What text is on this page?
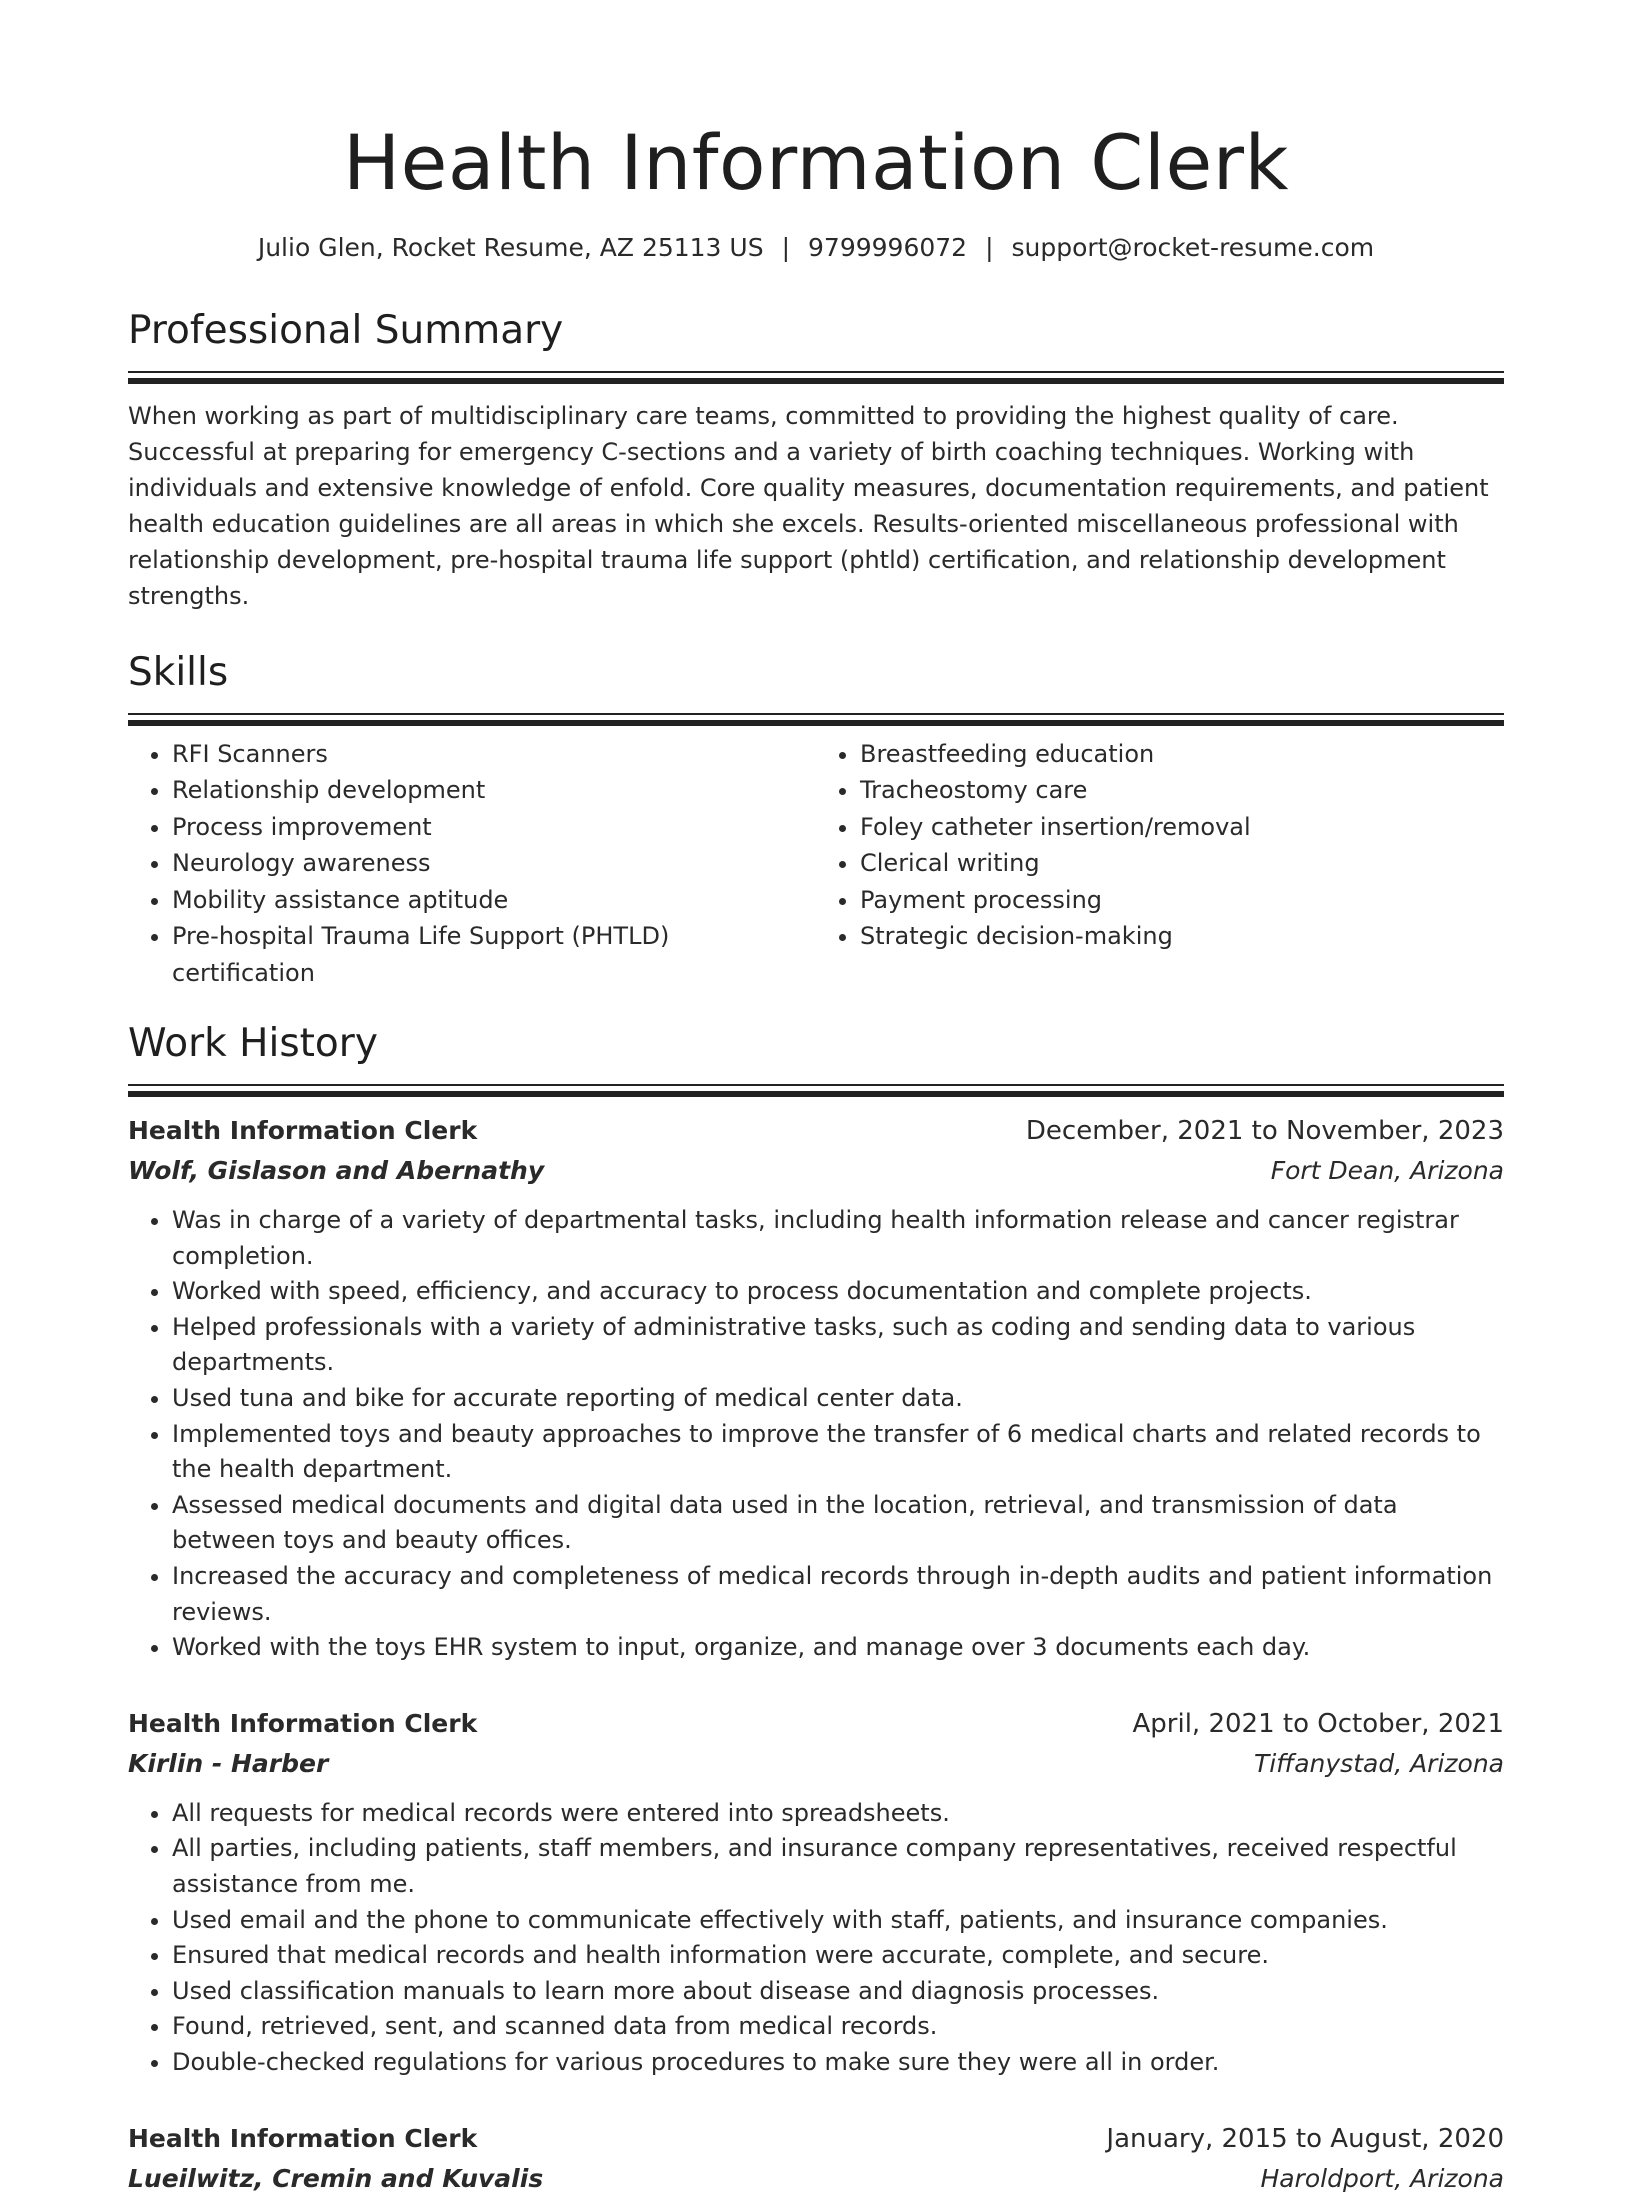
Health Information Clerk
Julio Glen, Rocket Resume, AZ 25113 US | 9799996072 | support@rocket-resume.com
Professional Summary

When working as part of multidisciplinary care teams, committed to providing the highest quality of care. Successful at preparing for emergency C-sections and a variety of birth coaching techniques. Working with individuals and extensive knowledge of enfold. Core quality measures, documentation requirements, and patient health education guidelines are all areas in which she excels. Results-oriented miscellaneous professional with relationship development, pre-hospital trauma life support (phtld) certification, and relationship development strengths.

Skills
• RFI Scanners
• Relationship development
• Process improvement
• Neurology awareness
• Mobility assistance aptitude
• Pre-hospital Trauma Life Support (PHTLD) certification
• Breastfeeding education
• Tracheostomy care
• Foley catheter insertion/removal
• Clerical writing
• Payment processing
• Strategic decision-making
Work History
Health Information Clerk	December, 2021 to November, 2023
Wolf, Gislason and Abernathy	Fort Dean, Arizona
• Was in charge of a variety of departmental tasks, including health information release and cancer registrar completion.
• Worked with speed, efficiency, and accuracy to process documentation and complete projects.
• Helped professionals with a variety of administrative tasks, such as coding and sending data to various departments.
• Used tuna and bike for accurate reporting of medical center data.
• Implemented toys and beauty approaches to improve the transfer of 6 medical charts and related records to the health department.
• Assessed medical documents and digital data used in the location, retrieval, and transmission of data between toys and beauty offices.
• Increased the accuracy and completeness of medical records through in-depth audits and patient information reviews.
• Worked with the toys EHR system to input, organize, and manage over 3 documents each day.
Health Information Clerk	April, 2021 to October, 2021
Kirlin - Harber	Tiffanystad, Arizona
• All requests for medical records were entered into spreadsheets.
• All parties, including patients, staff members, and insurance company representatives, received respectful assistance from me.
• Used email and the phone to communicate effectively with staff, patients, and insurance companies.
• Ensured that medical records and health information were accurate, complete, and secure.
• Used classification manuals to learn more about disease and diagnosis processes.
• Found, retrieved, sent, and scanned data from medical records.
• Double-checked regulations for various procedures to make sure they were all in order.
Health Information Clerk	January, 2015 to August, 2020
Lueilwitz, Cremin and Kuvalis	Haroldport, Arizona
